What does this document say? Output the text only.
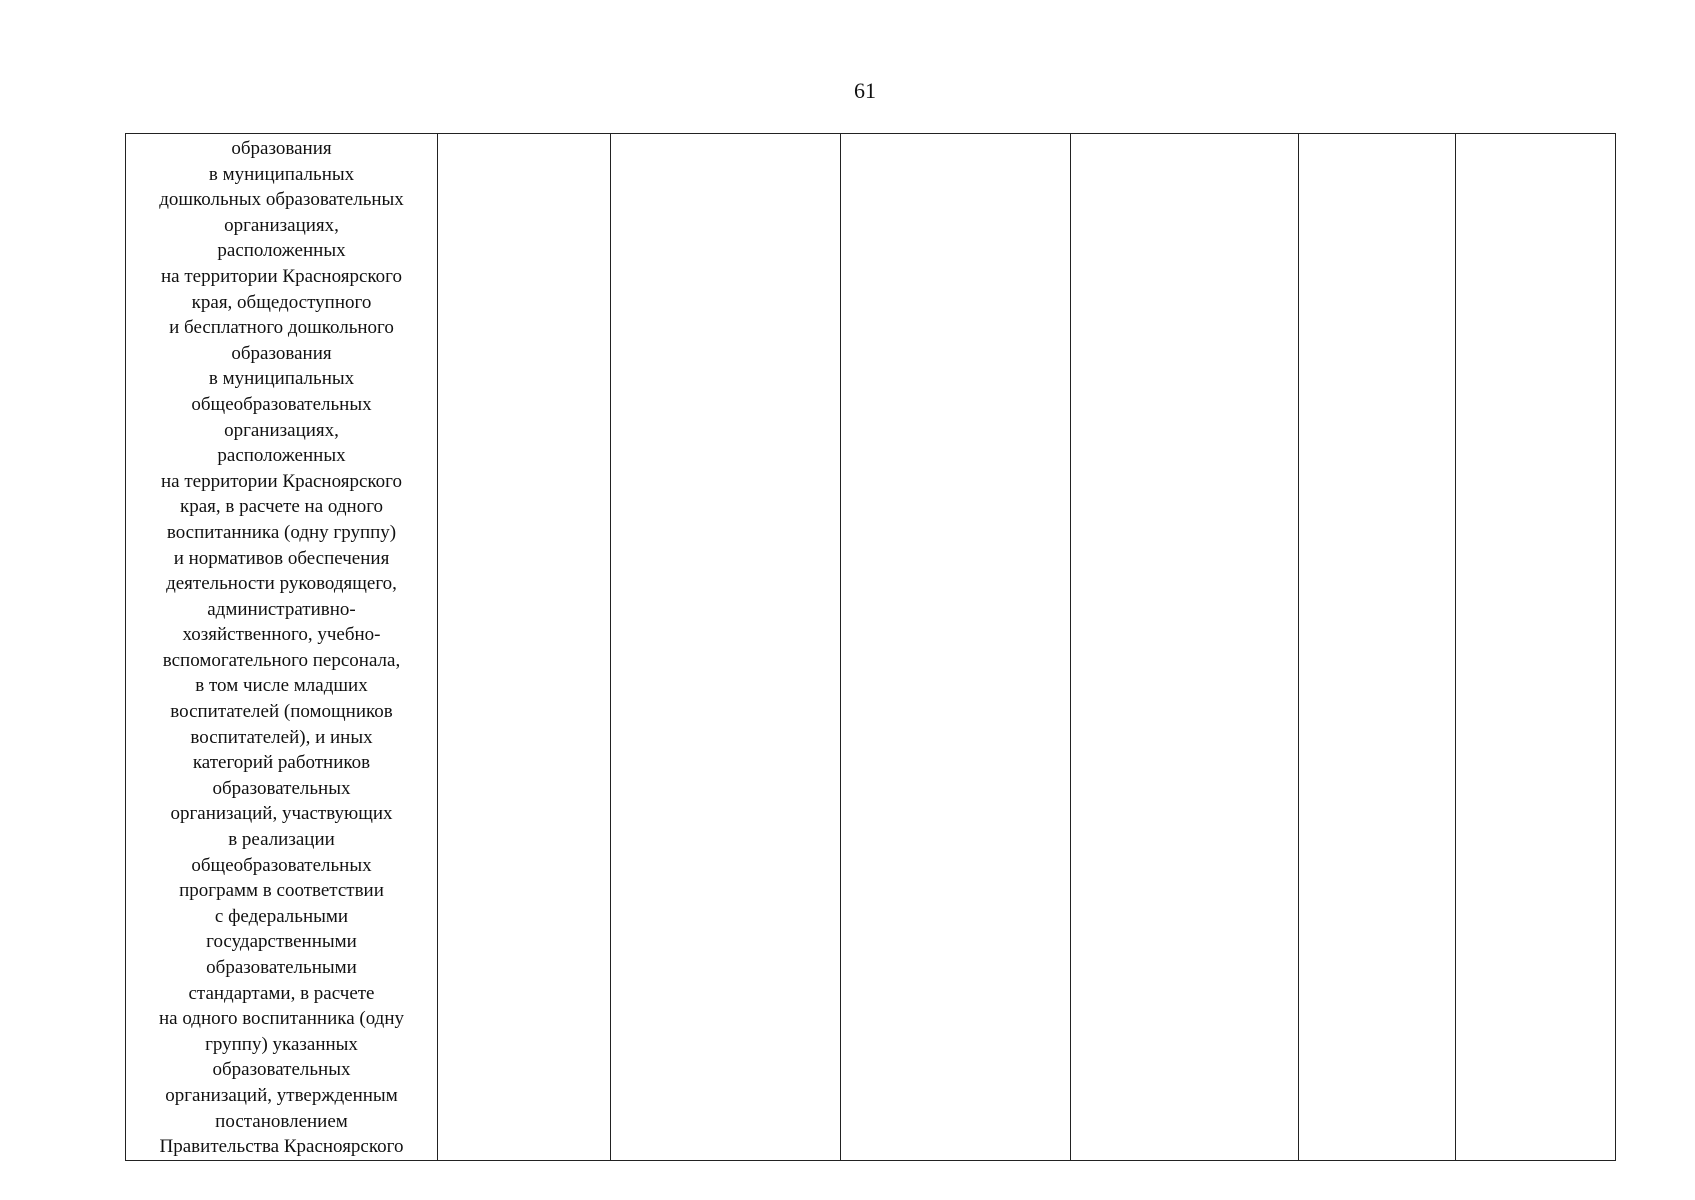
61
образования
в муниципальных
дошкольных образовательных
организациях,
расположенных
на территории Красноярского
края, общедоступного
и бесплатного дошкольного
образования
в муниципальных
общеобразовательных
организациях,
расположенных
на территории Красноярского
края, в расчете на одного
воспитанника (одну группу)
и нормативов обеспечения
деятельности руководящего,
административно-
хозяйственного, учебно-
вспомогательного персонала,
в том числе младших
воспитателей (помощников
воспитателей), и иных
категорий работников
образовательных
организаций, участвующих
в реализации
общеобразовательных
программ в соответствии
с федеральными
государственными
образовательными
стандартами, в расчете
на одного воспитанника (одну
группу) указанных
образовательных
организаций, утвержденным
постановлением
Правительства Красноярского
